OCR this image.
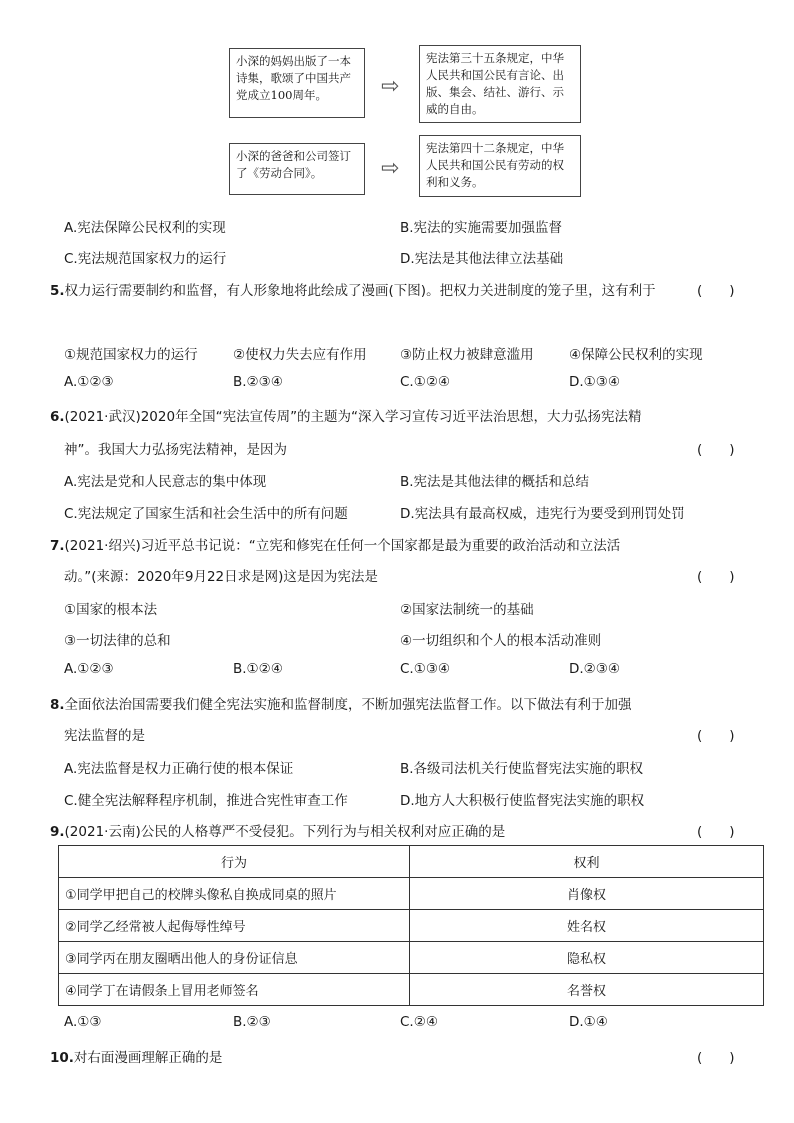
小深的妈妈出版了一本诗集，歌颂了中国共产党成立100周年。	⇨
宪法第三十五条规定，中华人民共和国公民有言论、出版、集会、结社、游行、示威的自由。
小深的爸爸和公司签订了《劳动合同》。	⇨
宪法第四十二条规定，中华人民共和国公民有劳动的权利和义务。
A.宪法保障公民权利的实现	B.宪法的实施需要加强监督
C.宪法规范国家权力的运行	D.宪法是其他法律立法基础
5.权力运行需要制约和监督，有人形象地将此绘成了漫画(下图)。把权力关进制度的笼子里，这有利于	(　　)
①规范国家权力的运行	②使权力失去应有作用 ③防止权力被肆意滥用	④保障公民权利的实现
A.①②③	B.②③④	C.①②④	D.①③④
6.(2021·武汉)2020年全国“宪法宣传周”的主题为“深入学习宣传习近平法治思想，大力弘扬宪法精
神”。我国大力弘扬宪法精神，是因为	(　　)
A.宪法是党和人民意志的集中体现	B.宪法是其他法律的概括和总结
C.宪法规定了国家生活和社会生活中的所有问题	D.宪法具有最高权威，违宪行为要受到刑罚处罚
7.(2021·绍兴)习近平总书记说：“立宪和修宪在任何一个国家都是最为重要的政治活动和立法活
动。”(来源：2020年9月22日求是网)这是因为宪法是	(　　)
①国家的根本法	②国家法制统一的基础
③一切法律的总和	④一切组织和个人的根本活动准则
A.①②③	B.①②④	C.①③④	D.②③④
8.全面依法治国需要我们健全宪法实施和监督制度，不断加强宪法监督工作。以下做法有利于加强
宪法监督的是	(　　)
A.宪法监督是权力正确行使的根本保证	B.各级司法机关行使监督宪法实施的职权
C.健全宪法解释程序机制，推进合宪性审查工作	D.地方人大积极行使监督宪法实施的职权
9.(2021·云南)公民的人格尊严不受侵犯。下列行为与相关权利对应正确的是	(　　)
行为	权利
①同学甲把自己的校牌头像私自换成同桌的照片	肖像权
②同学乙经常被人起侮辱性绰号	姓名权
③同学丙在朋友圈晒出他人的身份证信息	隐私权
④同学丁在请假条上冒用老师签名	名誉权
A.①③	B.②③	C.②④	D.①④
10.对右面漫画理解正确的是	(　　)
